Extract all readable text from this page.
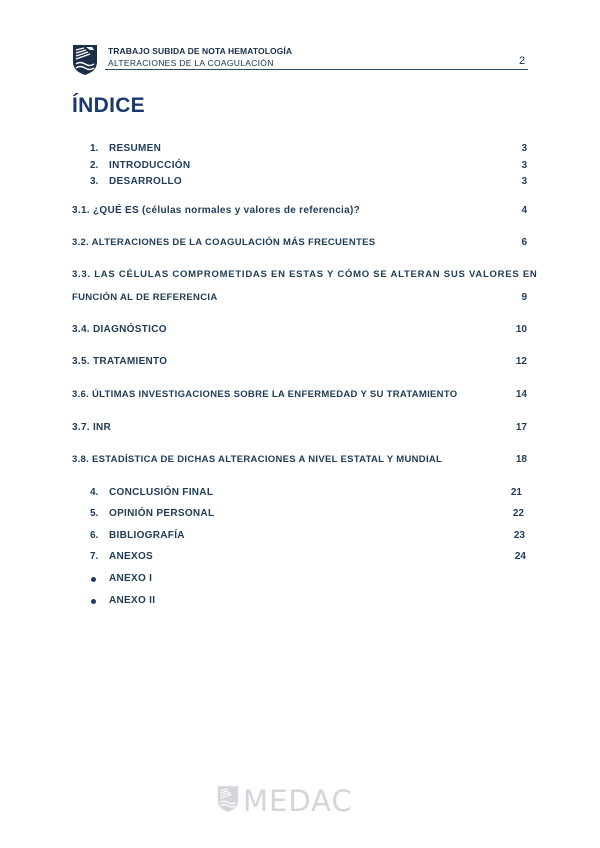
TRABAJO SUBIDA DE NOTA HEMATOLOGÍA
ALTERACIONES DE LA COAGULACIÓN	2
ÍNDICE
1. RESUMEN	3
2. INTRODUCCIÓN	3
3. DESARROLLO	3
3.1. ¿QUÉ ES (células normales y valores de referencia)?	4
3.2. ALTERACIONES DE LA COAGULACIÓN MÁS FRECUENTES	6
3.3. LAS CÉLULAS COMPROMETIDAS EN ESTAS Y CÓMO SE ALTERAN SUS VALORES EN
FUNCIÓN AL DE REFERENCIA	9
3.4. DIAGNÓSTICO	10
3.5. TRATAMIENTO	12
3.6. ÚLTIMAS INVESTIGACIONES SOBRE LA ENFERMEDAD Y SU TRATAMIENTO	14
3.7. INR	17
3.8. ESTADÍSTICA DE DICHAS ALTERACIONES A NIVEL ESTATAL Y MUNDIAL	18
4. CONCLUSIÓN FINAL	21
5. OPINIÓN PERSONAL	22
6. BIBLIOGRAFÍA	23
7. ANEXOS	24
ANEXO I
ANEXO II
MEDAC
